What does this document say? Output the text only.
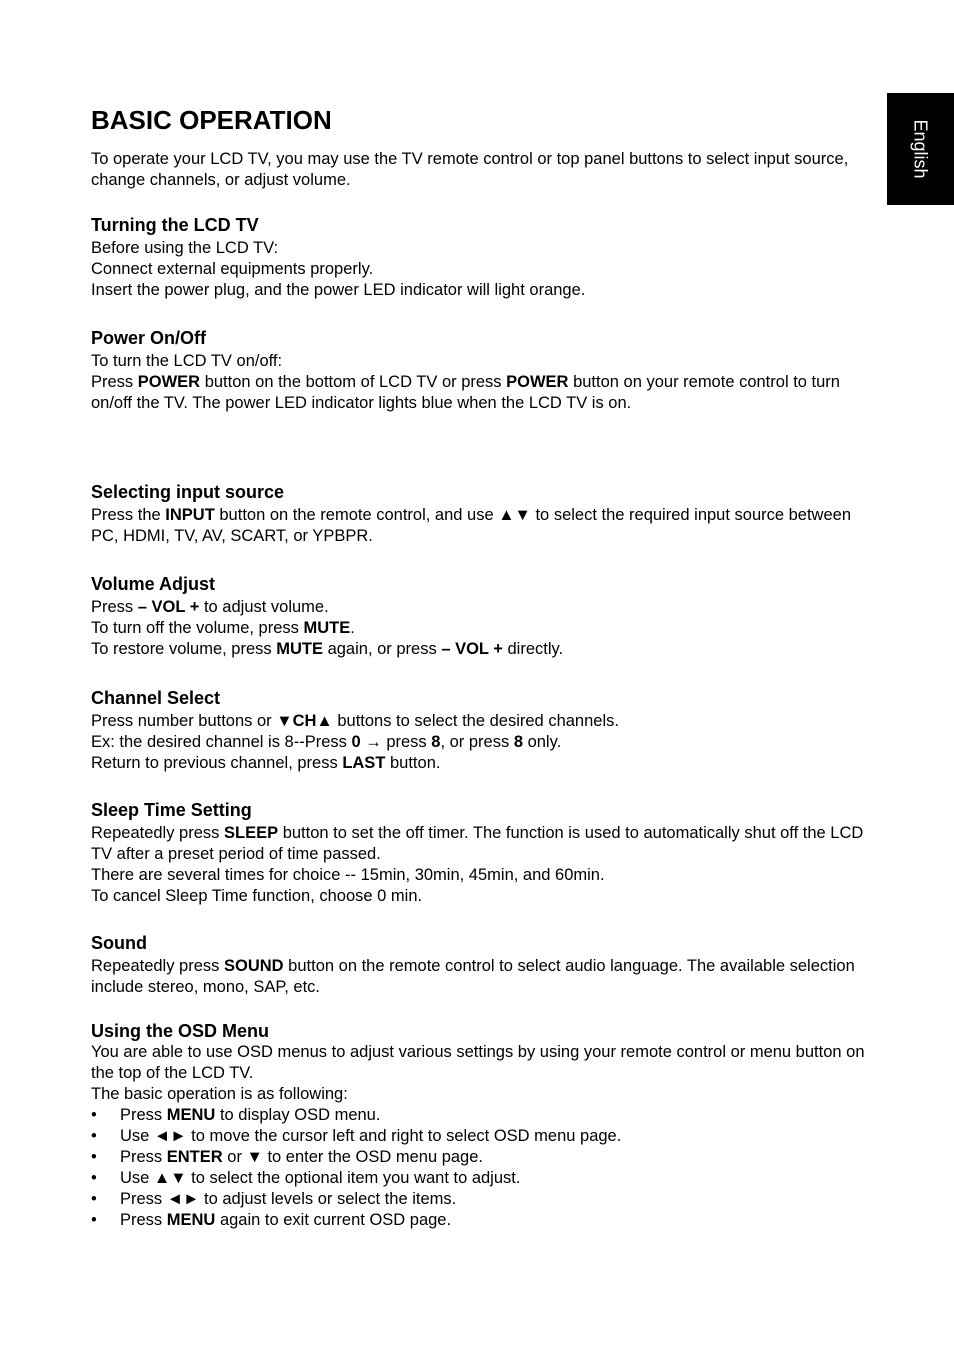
English
BASIC OPERATION

To operate your LCD TV, you may use the TV remote control or top panel buttons to select input source, change channels, or adjust volume.

Turning the LCD TV
Before using the LCD TV:
Connect external equipments properly.
Insert the power plug, and the power LED indicator will light orange.
Power On/Off
To turn the LCD TV on/off:
Press POWER button on the bottom of LCD TV or press POWER button on your remote control to turn on/off the TV. The power LED indicator lights blue when the LCD TV is on.
Selecting input source
Press the INPUT button on the remote control, and use ▲▼ to select the required input source between PC, HDMI, TV, AV, SCART, or YPBPR.
Volume Adjust
Press – VOL + to adjust volume.
To turn off the volume, press MUTE.
To restore volume, press MUTE again, or press – VOL + directly.
Channel Select
Press number buttons or ▼CH▲ buttons to select the desired channels.
Ex: the desired channel is 8--Press 0 → press 8, or press 8 only.
Return to previous channel, press LAST button.
Sleep Time Setting
Repeatedly press SLEEP button to set the off timer. The function is used to automatically shut off the LCD TV after a preset period of time passed.
There are several times for choice -- 15min, 30min, 45min, and 60min.
To cancel Sleep Time function, choose 0 min.
Sound
Repeatedly press SOUND button on the remote control to select audio language. The available selection include stereo, mono, SAP, etc.
Using the OSD Menu
You are able to use OSD menus to adjust various settings by using your remote control or menu button on the top of the LCD TV.
The basic operation is as following:
• Press MENU to display OSD menu.
• Use ◄► to move the cursor left and right to select OSD menu page.
• Press ENTER or ▼ to enter the OSD menu page.
• Use ▲▼ to select the optional item you want to adjust.
• Press ◄► to adjust levels or select the items.
• Press MENU again to exit current OSD page.
